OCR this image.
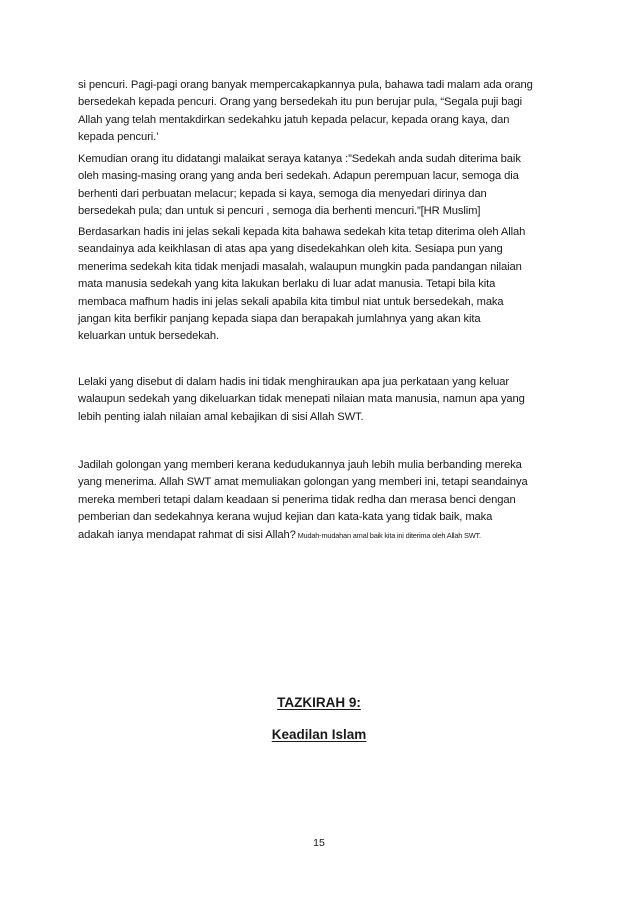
si pencuri. Pagi-pagi orang banyak mempercakapkannya pula, bahawa tadi malam ada orang
bersedekah kepada pencuri. Orang yang bersedekah itu pun berujar pula, “Segala puji bagi
Allah yang telah mentakdirkan sedekahku jatuh kepada pelacur, kepada orang kaya, dan
kepada pencuri.’

Kemudian orang itu didatangi malaikat seraya katanya :”Sedekah anda sudah diterima baik
oleh masing-masing orang yang anda beri sedekah. Adapun perempuan lacur, semoga dia
berhenti dari perbuatan melacur; kepada si kaya, semoga dia menyedari dirinya dan
bersedekah pula; dan untuk si pencuri , semoga dia berhenti mencuri.”[HR Muslim]

Berdasarkan hadis ini jelas sekali kepada kita bahawa sedekah kita tetap diterima oleh Allah
seandainya ada keikhlasan di atas apa yang disedekahkan oleh kita. Sesiapa pun yang
menerima sedekah kita tidak menjadi masalah, walaupun mungkin pada pandangan nilaian
mata manusia sedekah yang kita lakukan berlaku di luar adat manusia. Tetapi bila kita
membaca mafhum hadis ini jelas sekali apabila kita timbul niat untuk bersedekah, maka
jangan kita berfikir panjang kepada siapa dan berapakah jumlahnya yang akan kita
keluarkan untuk bersedekah.

Lelaki yang disebut di dalam hadis ini tidak menghiraukan apa jua perkataan yang keluar
walaupun sedekah yang dikeluarkan tidak menepati nilaian mata manusia, namun apa yang
lebih penting ialah nilaian amal kebajikan di sisi Allah SWT.

Jadilah golongan yang memberi kerana kedudukannya jauh lebih mulia berbanding mereka
yang menerima. Allah SWT amat memuliakan golongan yang memberi ini, tetapi seandainya
mereka memberi tetapi dalam keadaan si penerima tidak redha dan merasa benci dengan
pemberian dan sedekahnya kerana wujud kejian dan kata-kata yang tidak baik, maka
adakah ianya mendapat rahmat di sisi Allah? Mudah-mudahan amal baik kita ini diterima oleh Allah SWT.

TAZKIRAH 9:
Keadilan Islam
15
